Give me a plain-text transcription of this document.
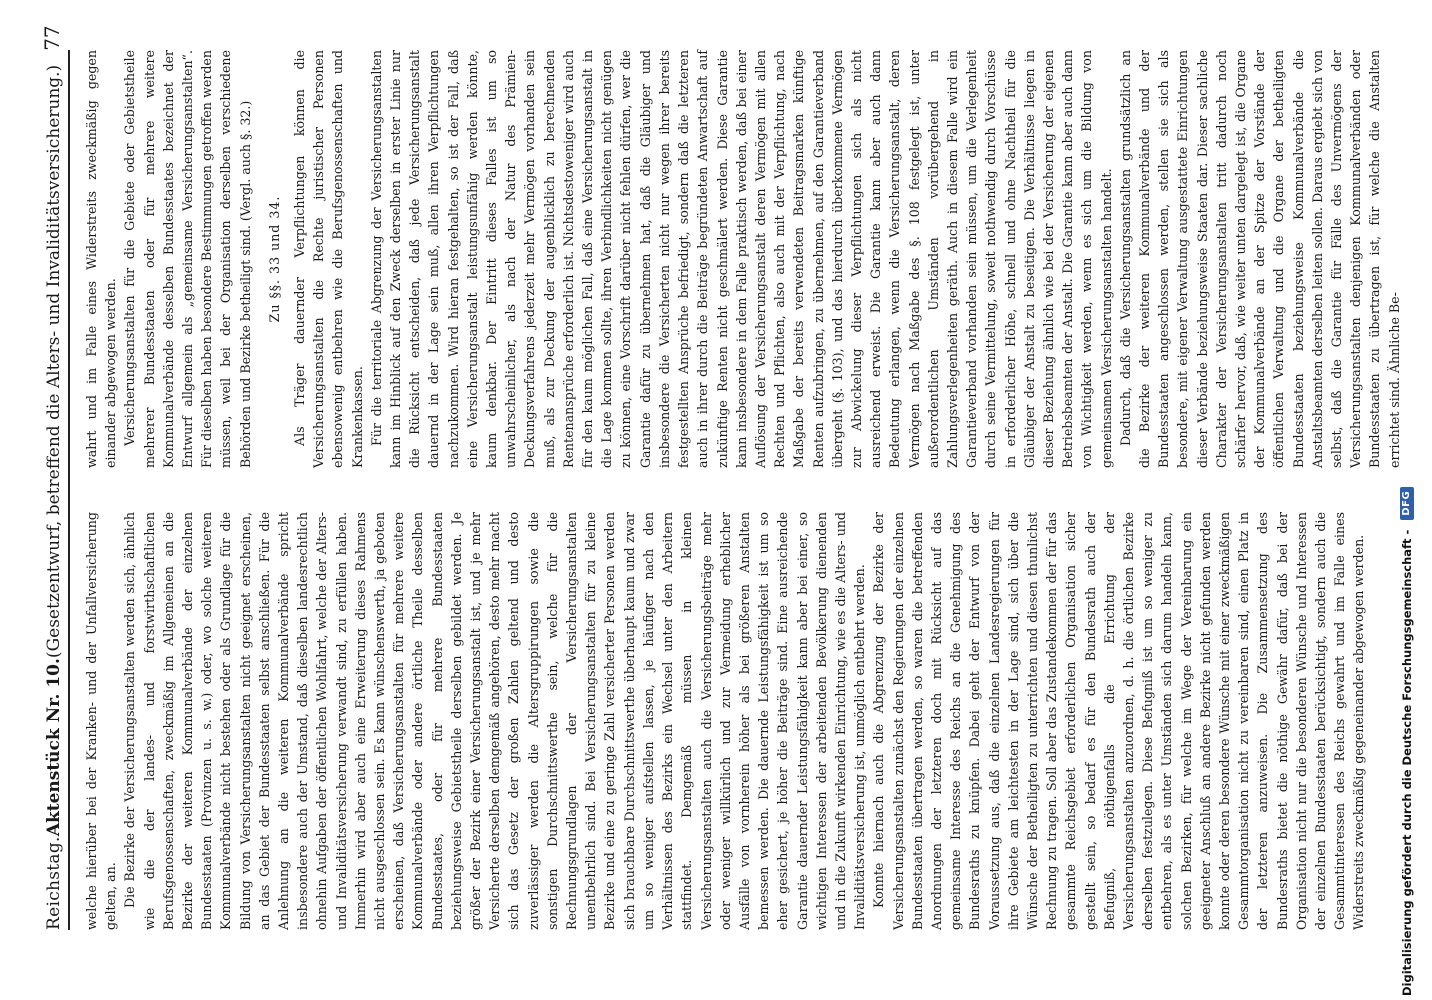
Reichstag.
Aktenstück Nr. 10.
(Gesetzentwurf, betreffend die Alters- und Invaliditätsversicherung.)
77

welche hierüber bei der Kranken- und der Unfallversicherung gelten, an. Die Bezirke der Versicherungsanstalten werden sich, ähnlich wie die der landes- und forstwirthschaftlichen Berufsgenossenschaften, zweckmäßig im Allgemeinen an die Bezirke der weiteren Kommunalverbände der einzelnen Bundesstaaten (Provinzen u. s. w.) oder, wo solche weiteren Kommunalverbände nicht bestehen oder als Grundlage für die Bildung von Versicherungsanstalten nicht geeignet erscheinen, an das Gebiet der Bundesstaaten selbst anschließen. Für die Anlehnung an die weiteren Kommunalverbände spricht insbesondere auch der Umstand, daß dieselben landesrechtlich ohnehin Aufgaben der öffentlichen Wohlfahrt, welche der Alters- und Invaliditätsversicherung verwandt sind, zu erfüllen haben. Immerhin wird aber auch eine Erweiterung dieses Rahmens nicht ausgeschlossen sein. Es kann wünschenswerth, ja geboten erscheinen, daß Versicherungsanstalten für mehrere weitere Kommunalverbände oder andere örtliche Theile desselben Bundesstaates, oder für mehrere Bundesstaaten beziehungsweise Gebietstheile derselben gebildet werden. Je größer der Bezirk einer Versicherungsanstalt ist, und je mehr Versicherte derselben demgemäß angehören, desto mehr macht sich das Gesetz der großen Zahlen geltend und desto zuverlässiger werden die Altersgruppirungen sowie die sonstigen Durchschnittswerthe sein, welche für die Rechnungsgrundlagen der Versicherungsanstalten unentbehrlich sind. Bei Versicherungsanstalten für zu kleine Bezirke und eine zu geringe Zahl versicherter Personen werden sich brauchbare Durchschnittswerthe überhaupt kaum und zwar um so weniger aufstellen lassen, je häufiger nach den Verhältnissen des Bezirks ein Wechsel unter den Arbeitern stattfindet. Demgemäß müssen in kleinen Versicherungsanstalten auch die Versicherungsbeiträge mehr oder weniger willkürlich und zur Vermeidung erheblicher Ausfälle von vornherein höher als bei größeren Anstalten bemessen werden. Die dauernde Leistungsfähigkeit ist um so eher gesichert, je höher die Beiträge sind. Eine ausreichende Garantie dauernder Leistungsfähigkeit kann aber bei einer, so wichtigen Interessen der arbeitenden Bevölkerung dienenden und in die Zukunft wirkenden Einrichtung, wie es die Alters- und Invaliditätsversicherung ist, unmöglich entbehrt werden. Konnte hiernach auch die Abgrenzung der Bezirke der Versicherungsanstalten zunächst den Regierungen der einzelnen Bundesstaaten übertragen werden, so waren die betreffenden Anordnungen der letzteren doch mit Rücksicht auf das gemeinsame Interesse des Reichs an die Genehmigung des Bundesraths zu knüpfen. Dabei geht der Entwurf von der Voraussetzung aus, daß die einzelnen Landesregierungen für ihre Gebiete am leichtesten in der Lage sind, sich über die Wünsche der Betheiligten zu unterrichten und diesen thunlichst Rechnung zu tragen. Soll aber das Zustandekommen der für das gesammte Reichsgebiet erforderlichen Organisation sicher gestellt sein, so bedarf es für den Bundesrath auch der Befugniß, nöthigenfalls die Errichtung der Versicherungsanstalten anzuordnen, d. h. die örtlichen Bezirke derselben festzulegen. Diese Befugniß ist um so weniger zu entbehren, als es unter Umständen sich darum handeln kann, solchen Bezirken, für welche im Wege der Vereinbarung ein geeigneter Anschluß an andere Bezirke nicht gefunden werden konnte oder deren besondere Wünsche mit einer zweckmäßigen Gesammtorganisation nicht zu vereinbaren sind, einen Platz in der letzteren anzuweisen. Die Zusammensetzung des Bundesraths bietet die nöthige Gewähr dafür, daß bei der Organisation nicht nur die besonderen Wünsche und Interessen der einzelnen Bundesstaaten berücksichtigt, sondern auch die Gesammtinteressen des Reichs gewahrt und im Falle eines Widerstreits zweckmäßig gegeneinander abgewogen werden.

wahrt und im Falle eines Widerstreits zweckmäßig gegen einander abgewogen werden. Versicherungsanstalten für die Gebiete oder Gebietstheile mehrerer Bundesstaaten oder für mehrere weitere Kommunalverbände desselben Bundesstaates bezeichnet der Entwurf allgemein als „gemeinsame Versicherungsanstalten“. Für dieselben haben besondere Bestimmungen getroffen werden müssen, weil bei der Organisation derselben verschiedene Behörden und Bezirke betheiligt sind. (Vergl. auch §. 32.) Zu §§. 33 und 34. Als Träger dauernder Verpflichtungen können die Versicherungsanstalten die Rechte juristischer Personen ebensowenig entbehren wie die Berufsgenossenschaften und Krankenkassen. Für die territoriale Abgrenzung der Versicherungsanstalten kann im Hinblick auf den Zweck derselben in erster Linie nur die Rücksicht entscheiden, daß jede Versicherungsanstalt dauernd in der Lage sein muß, allen ihren Verpflichtungen nachzukommen. Wird hieran festgehalten, so ist der Fall, daß eine Versicherungsanstalt leistungsunfähig werden könnte, kaum denkbar. Der Eintritt dieses Falles ist um so unwahrscheinlicher, als nach der Natur des Prämien-Deckungsverfahrens jederzeit mehr Vermögen vorhanden sein muß, als zur Deckung der augenblicklich zu berechnenden Rentenansprüche erforderlich ist. Nichtsdestoweniger wird auch für den kaum möglichen Fall, daß eine Versicherungsanstalt in die Lage kommen sollte, ihren Verbindlichkeiten nicht genügen zu können, eine Vorschrift darüber nicht fehlen dürfen, wer die Garantie dafür zu übernehmen hat, daß die Gläubiger und insbesondere die Versicherten nicht nur wegen ihrer bereits festgestellten Ansprüche befriedigt, sondern daß die letzteren auch in ihrer durch die Beiträge begründeten Anwartschaft auf zukünftige Renten nicht geschmälert werden. Diese Garantie kann insbesondere in dem Falle praktisch werden, daß bei einer Auflösung der Versicherungsanstalt deren Vermögen mit allen Rechten und Pflichten, also auch mit der Verpflichtung, nach Maßgabe der bereits verwendeten Beitragsmarken künftige Renten aufzubringen, zu übernehmen, auf den Garantieverband übergeht (§. 103), und das hierdurch überkommene Vermögen zur Abwickelung dieser Verpflichtungen sich als nicht ausreichend erweist. Die Garantie kann aber auch dann Bedeutung erlangen, wenn die Versicherungsanstalt, deren Vermögen nach Maßgabe des §. 108 festgelegt ist, unter außerordentlichen Umständen vorübergehend in Zahlungsverlegenheiten geräth. Auch in diesem Falle wird ein Garantieverband vorhanden sein müssen, um die Verlegenheit durch seine Vermittelung, soweit nothwendig durch Vorschüsse in erforderlicher Höhe, schnell und ohne Nachtheil für die Gläubiger der Anstalt zu beseitigen. Die Verhältnisse liegen in dieser Beziehung ähnlich wie bei der Versicherung der eigenen Betriebsbeamten der Anstalt. Die Garantie kann aber auch dann von Wichtigkeit werden, wenn es sich um die Bildung von gemeinsamen Versicherungsanstalten handelt. Dadurch, daß die Versicherungsanstalten grundsätzlich an die Bezirke der weiteren Kommunalverbände und der Bundesstaaten angeschlossen werden, stellen sie sich als besondere, mit eigener Verwaltung ausgestattete Einrichtungen dieser Verbände beziehungsweise Staaten dar. Dieser sachliche Charakter der Versicherungsanstalten tritt dadurch noch schärfer hervor, daß, wie weiter unten dargelegt ist, die Organe der Kommunalverbände an der Spitze der Vorstände der öffentlichen Verwaltung und die Organe der betheiligten Bundesstaaten beziehungsweise Kommunalverbände die Anstaltsbeamten derselben leiten sollen. Daraus ergiebt sich von selbst, daß die Garantie für Fälle des Unvermögens der Versicherungsanstalten denjenigen Kommunalverbänden oder Bundesstaaten zu übertragen ist, für welche die Anstalten errichtet sind. Ähnliche Be-

Digitalisierung gefördert durch die Deutsche Forschungsgemeinschaft -
DFG
